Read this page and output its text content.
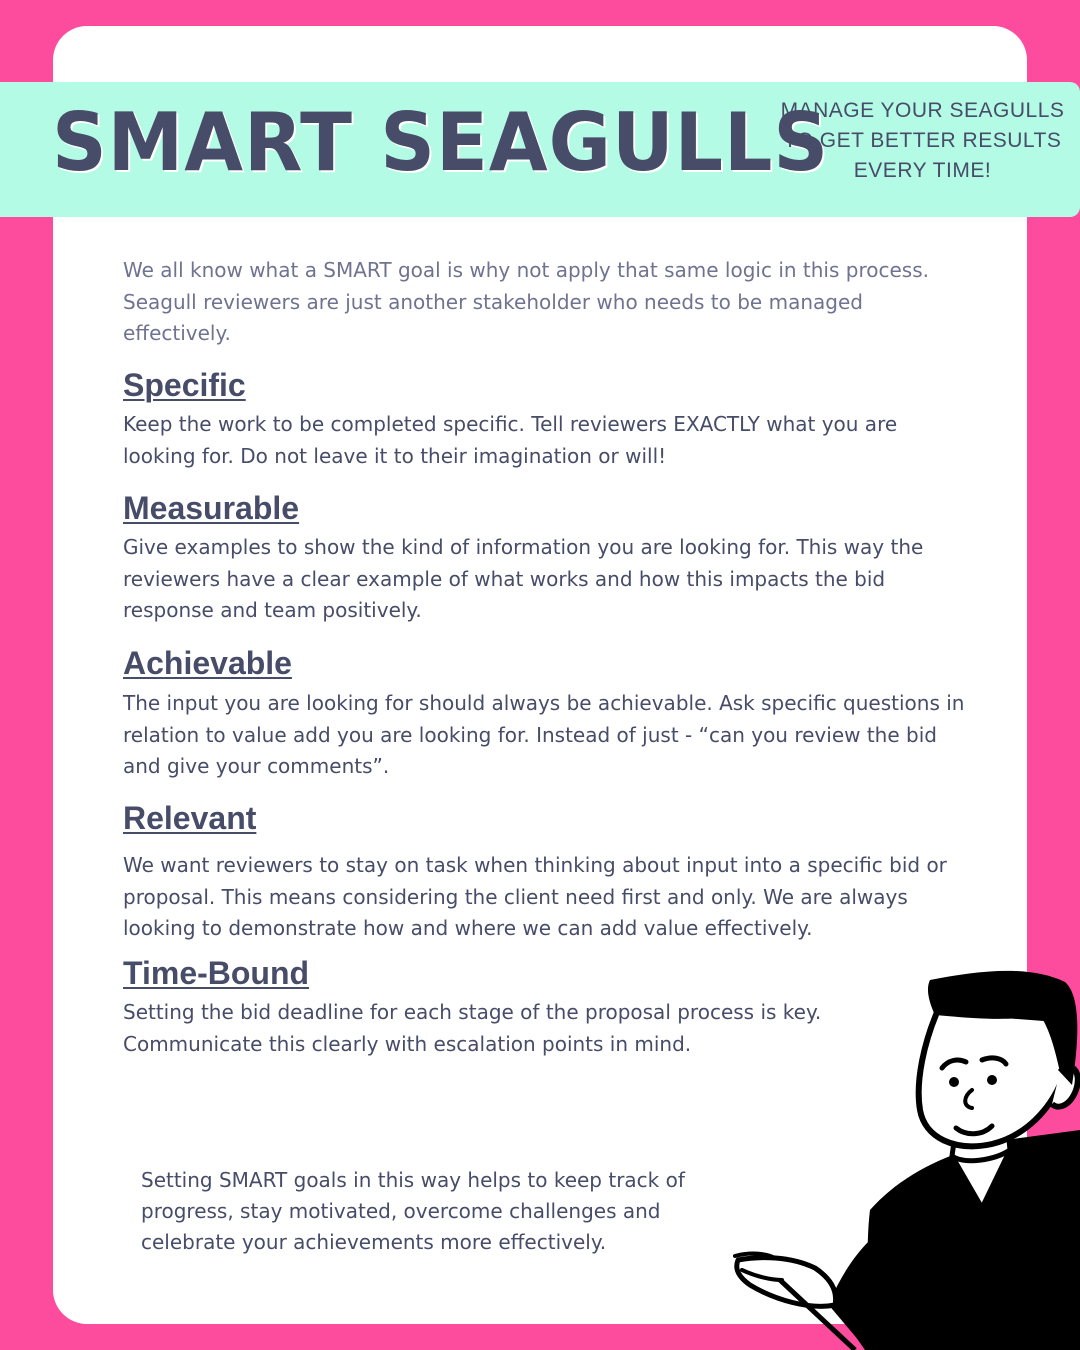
SMART SEAGULLS
MANAGE YOUR SEAGULLS
TO GET BETTER RESULTS
EVERY TIME!
We all know what a SMART goal is why not apply that same logic in this process. Seagull reviewers are just another stakeholder who needs to be managed effectively.
Specific
Keep the work to be completed specific. Tell reviewers EXACTLY what you are looking for. Do not leave it to their imagination or will!
Measurable
Give examples to show the kind of information you are looking for. This way the reviewers have a clear example of what works and how this impacts the bid response and team positively.
Achievable
The input you are looking for should always be achievable. Ask specific questions in relation to value add you are looking for. Instead of just - “can you review the bid and give your comments”.
Relevant
We want reviewers to stay on task when thinking about input into a specific bid or proposal. This means considering the client need first and only. We are always looking to demonstrate how and where we can add value effectively.
Time-Bound
Setting the bid deadline for each stage of the proposal process is key. Communicate this clearly with escalation points in mind.
Setting SMART goals in this way helps to keep track of progress, stay motivated, overcome challenges and celebrate your achievements more effectively.
